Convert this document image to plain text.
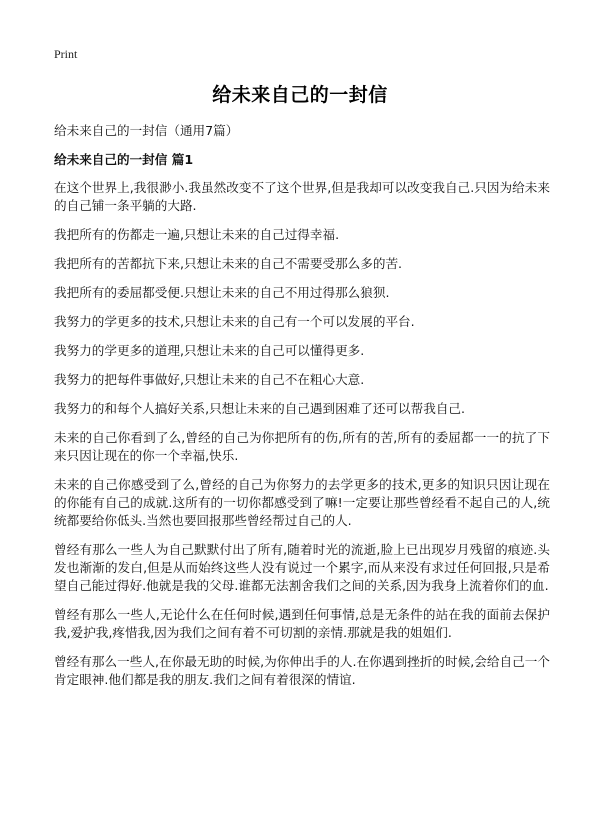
Print
给未来自己的一封信
给未来自己的一封信（通用7篇）
给未来自己的一封信 篇1

在这个世界上,我很渺小.我虽然改变不了这个世界,但是我却可以改变我自己.只因为给未来的自己铺一条平躺的大路.

我把所有的伤都走一遍,只想让未来的自己过得幸福.

我把所有的苦都抗下来,只想让未来的自己不需要受那么多的苦.

我把所有的委屈都受便.只想让未来的自己不用过得那么狼狈.

我努力的学更多的技术,只想让未来的自己有一个可以发展的平台.

我努力的学更多的道理,只想让未来的自己可以懂得更多.

我努力的把每件事做好,只想让未来的自己不在粗心大意.

我努力的和每个人搞好关系,只想让未来的自己遇到困难了还可以帮我自己.

未来的自己你看到了么,曾经的自己为你把所有的伤,所有的苦,所有的委屈都一一的抗了下来只因让现在的你一个幸福,快乐.

未来的自己你感受到了么,曾经的自己为你努力的去学更多的技术,更多的知识只因让现在的你能有自己的成就.这所有的一切你都感受到了嘛!一定要让那些曾经看不起自己的人,统统都要给你低头.当然也要回报那些曾经帮过自己的人.

曾经有那么一些人为自己默默付出了所有,随着时光的流逝,脸上已出现岁月残留的痕迹.头发也渐渐的发白,但是从而始终这些人没有说过一个累字,而从来没有求过任何回报,只是希望自己能过得好.他就是我的父母.谁都无法割舍我们之间的关系,因为我身上流着你们的血.

曾经有那么一些人,无论什么在任何时候,遇到任何事情,总是无条件的站在我的面前去保护我,爱护我,疼惜我,因为我们之间有着不可切割的亲情.那就是我的姐姐们.

曾经有那么一些人,在你最无助的时候,为你伸出手的人.在你遇到挫折的时候,会给自己一个肯定眼神.他们都是我的朋友.我们之间有着很深的情谊.
